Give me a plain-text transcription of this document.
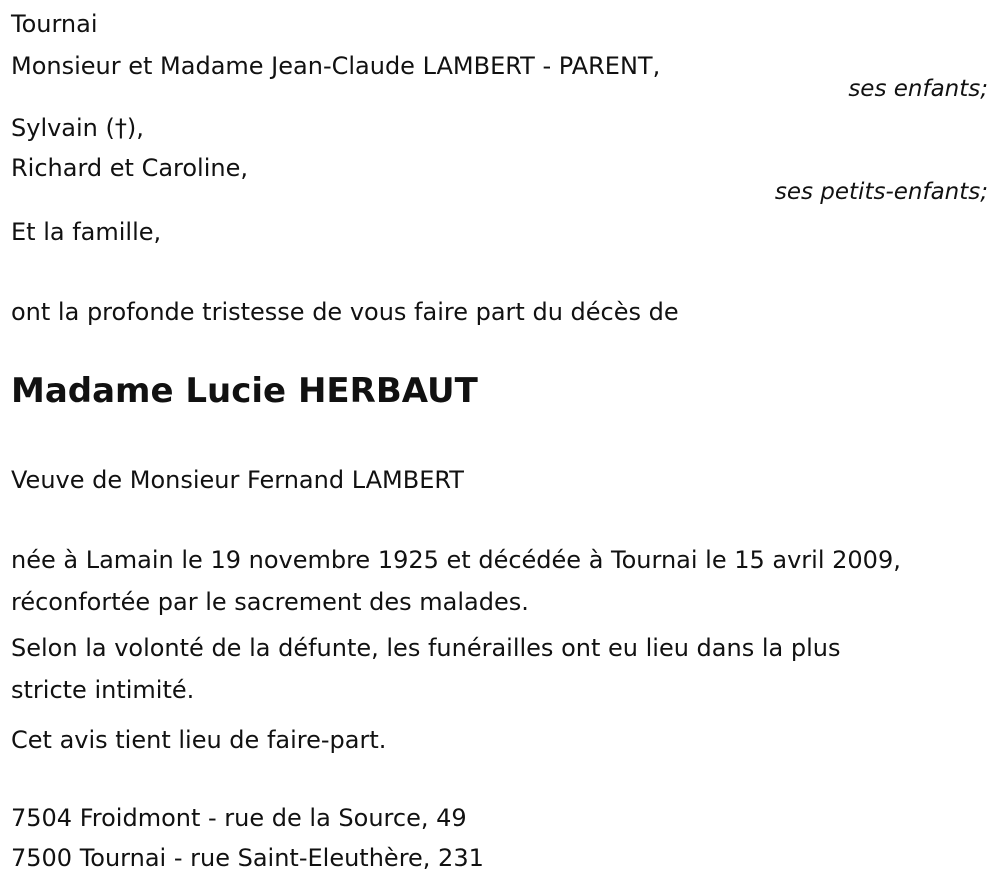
Tournai
Monsieur et Madame Jean-Claude LAMBERT - PARENT,
ses enfants;
Sylvain (†),
Richard et Caroline,
ses petits-enfants;
Et la famille,
ont la profonde tristesse de vous faire part du décès de
Madame Lucie HERBAUT
Veuve de Monsieur Fernand LAMBERT
née à Lamain le 19 novembre 1925 et décédée à Tournai le 15 avril 2009,
réconfortée par le sacrement des malades.
Selon la volonté de la défunte, les funérailles ont eu lieu dans la plus
stricte intimité.
Cet avis tient lieu de faire-part.
7504 Froidmont - rue de la Source, 49
7500 Tournai - rue Saint-Eleuthère, 231
